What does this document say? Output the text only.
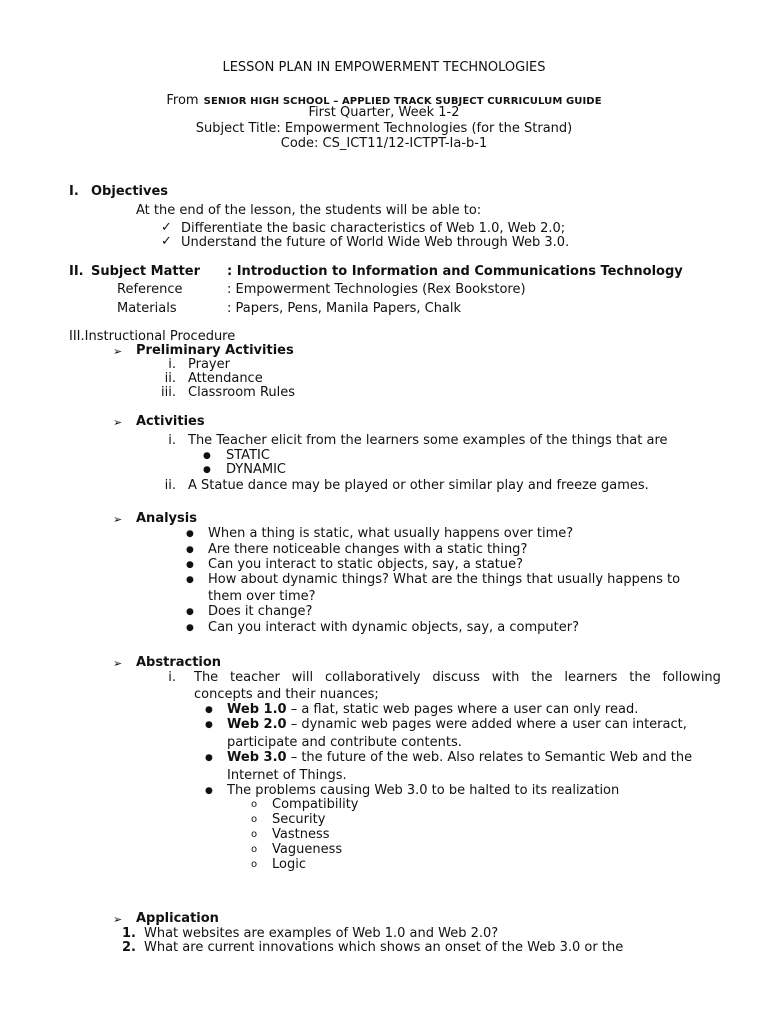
LESSON PLAN IN EMPOWERMENT TECHNOLOGIES
From SENIOR HIGH SCHOOL – APPLIED TRACK SUBJECT CURRICULUM GUIDE
First Quarter, Week 1-2
Subject Title: Empowerment Technologies (for the Strand)
Code: CS_ICT11/12-ICTPT-Ia-b-1
I. Objectives
At the end of the lesson, the students will be able to:
✓ Differentiate the basic characteristics of Web 1.0, Web 2.0;
✓ Understand the future of World Wide Web through Web 3.0.
II. Subject Matter : Introduction to Information and Communications Technology
Reference	: Empowerment Technologies (Rex Bookstore)
Materials	: Papers, Pens, Manila Papers, Chalk
III.Instructional Procedure
➢ Preliminary Activities
i. Prayer
ii. Attendance
iii. Classroom Rules
➢ Activities
i. The Teacher elicit from the learners some examples of the things that are
● STATIC
● DYNAMIC
ii. A Statue dance may be played or other similar play and freeze games.
➢ Analysis
● When a thing is static, what usually happens over time?
● Are there noticeable changes with a static thing?
● Can you interact to static objects, say, a statue?
● How about dynamic things? What are the things that usually happens to
them over time?
● Does it change?
● Can you interact with dynamic objects, say, a computer?
➢ Abstraction
i. The teacher will collaboratively discuss with the learners the following
concepts and their nuances;
● Web 1.0 – a flat, static web pages where a user can only read.
● Web 2.0 – dynamic web pages were added where a user can interact,
participate and contribute contents.
● Web 3.0 – the future of the web. Also relates to Semantic Web and the
Internet of Things.
● The problems causing Web 3.0 to be halted to its realization
o Compatibility
o Security
o Vastness
o Vagueness
o Logic
➢ Application
1. What websites are examples of Web 1.0 and Web 2.0?
2. What are current innovations which shows an onset of the Web 3.0 or the
